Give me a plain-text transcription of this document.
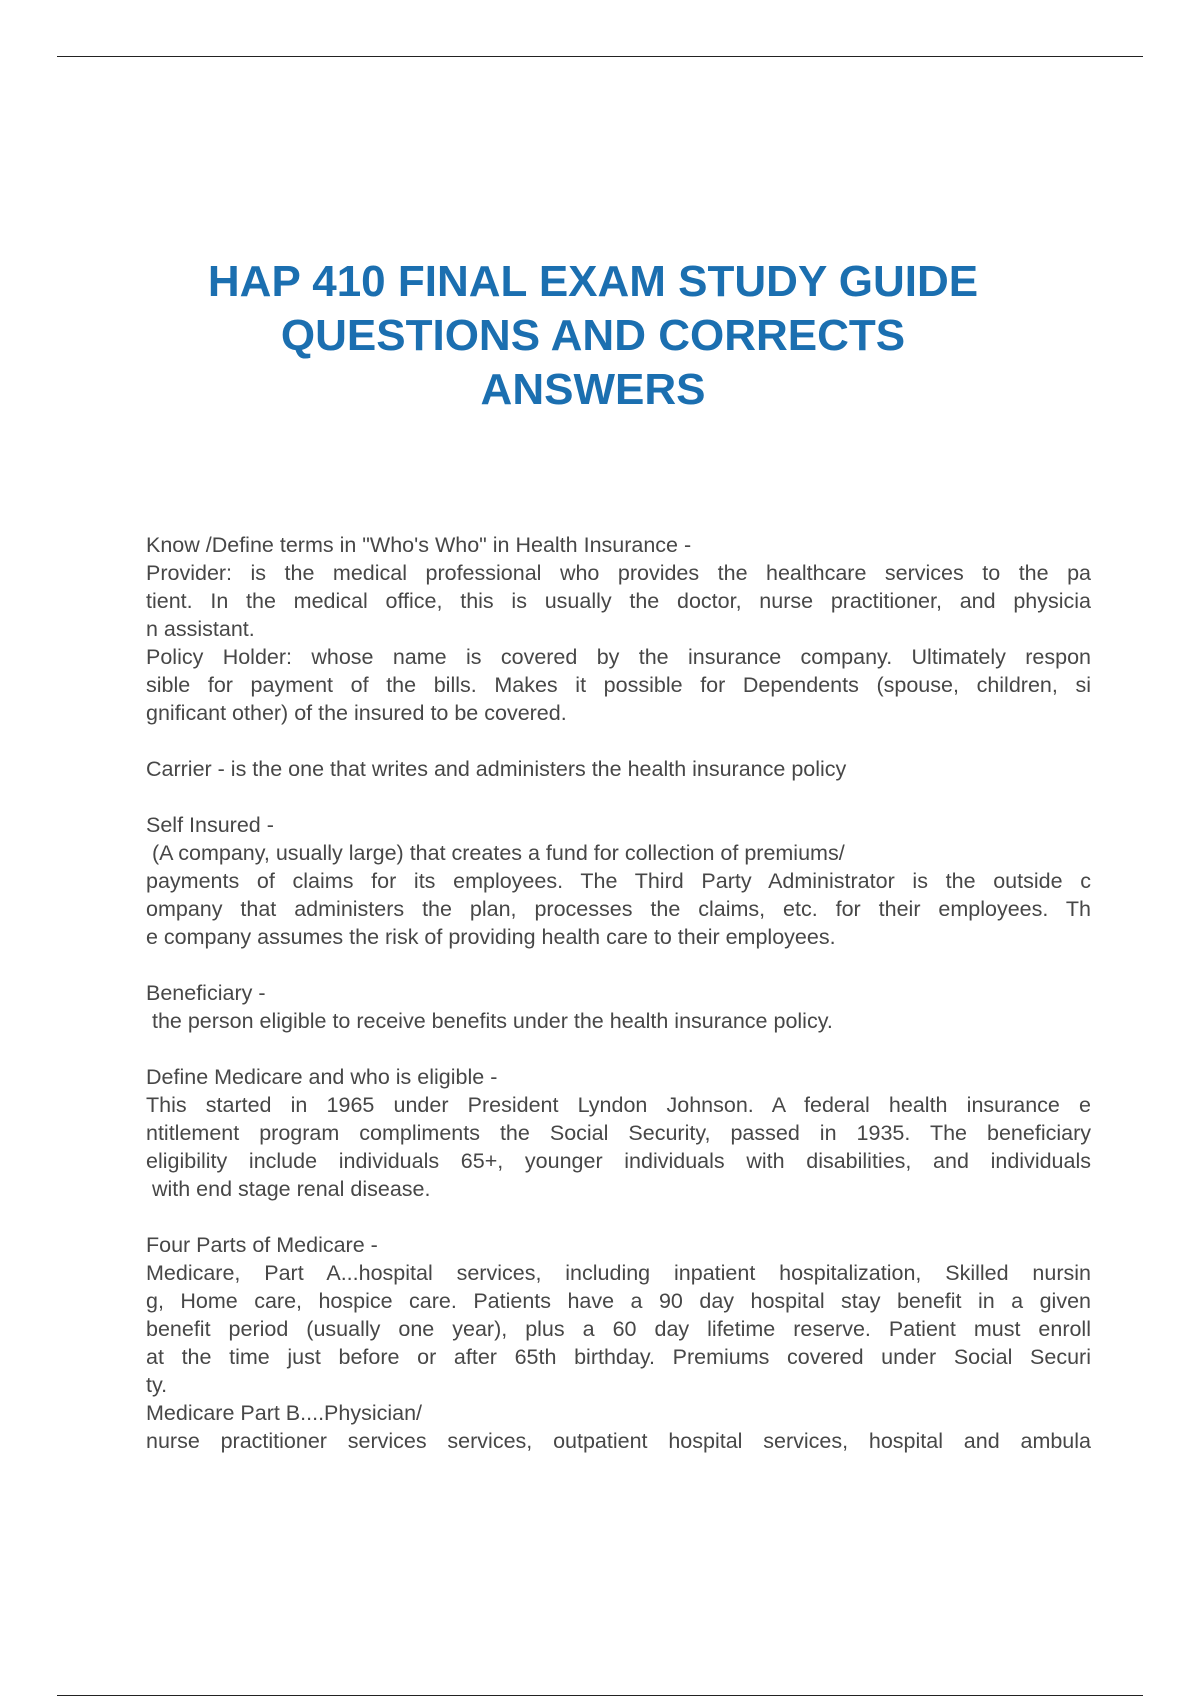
HAP 410 FINAL EXAM STUDY GUIDE
QUESTIONS AND CORRECTS
ANSWERS
Know /Define terms in "Who's Who" in Health Insurance -
Provider: is the medical professional who provides the healthcare services to the pa
tient. In the medical office, this is usually the doctor, nurse practitioner, and physicia
n assistant.
Policy Holder: whose name is covered by the insurance company. Ultimately respon
sible for payment of the bills. Makes it possible for Dependents (spouse, children, si
gnificant other) of the insured to be covered.
Carrier - is the one that writes and administers the health insurance policy
Self Insured -
(A company, usually large) that creates a fund for collection of premiums/
payments of claims for its employees. The Third Party Administrator is the outside c
ompany that administers the plan, processes the claims, etc. for their employees. Th
e company assumes the risk of providing health care to their employees.
Beneficiary -
the person eligible to receive benefits under the health insurance policy.
Define Medicare and who is eligible -
This started in 1965 under President Lyndon Johnson. A federal health insurance e
ntitlement program compliments the Social Security, passed in 1935. The beneficiary
eligibility include individuals 65+, younger individuals with disabilities, and individuals
with end stage renal disease.
Four Parts of Medicare -
Medicare, Part A...hospital services, including inpatient hospitalization, Skilled nursin
g, Home care, hospice care. Patients have a 90 day hospital stay benefit in a given
benefit period (usually one year), plus a 60 day lifetime reserve. Patient must enroll
at the time just before or after 65th birthday. Premiums covered under Social Securi
ty.
Medicare Part B....Physician/
nurse practitioner services services, outpatient hospital services, hospital and ambula
